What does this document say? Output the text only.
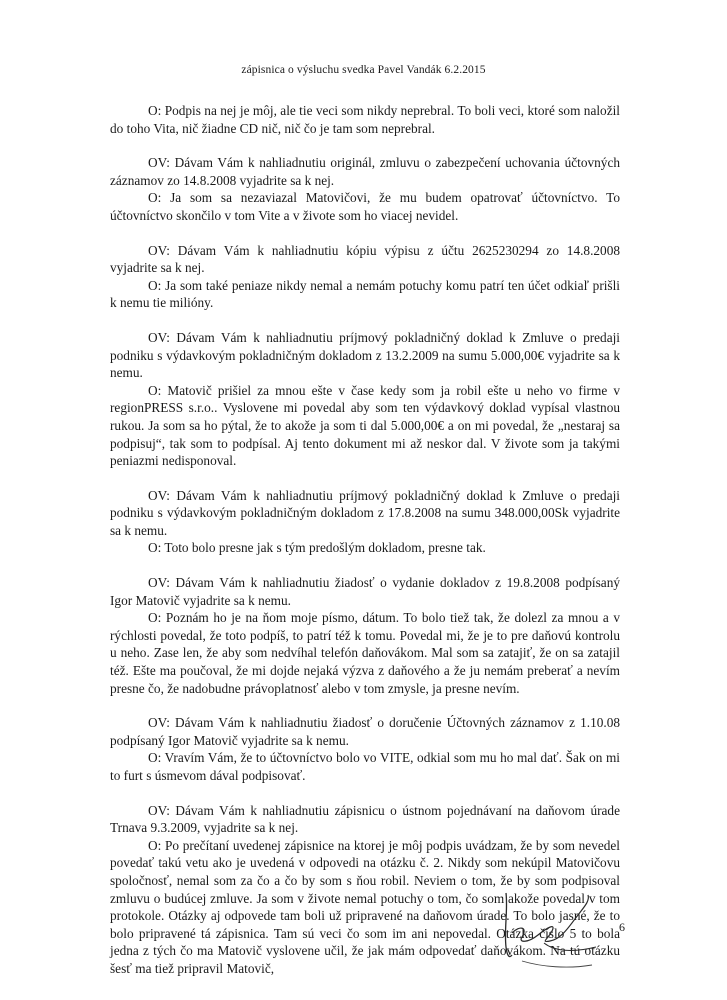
zápisnica o výsluchu svedka Pavel Vandák 6.2.2015

O: Podpis na nej je môj, ale tie veci som nikdy neprebral. To boli veci, ktoré som naložil do toho Vita, nič žiadne CD nič, nič čo je tam som neprebral.

OV: Dávam Vám k nahliadnutiu originál, zmluvu o zabezpečení uchovania účtovných záznamov zo 14.8.2008 vyjadrite sa k nej.

O: Ja som sa nezaviazal Matovičovi, že mu budem opatrovať účtovníctvo. To účtovníctvo skončilo v tom Vite a v živote som ho viacej nevidel.

OV: Dávam Vám k nahliadnutiu kópiu výpisu z účtu 2625230294 zo 14.8.2008 vyjadrite sa k nej.

O: Ja som také peniaze nikdy nemal a nemám potuchy komu patrí ten účet odkiaľ prišli k nemu tie milióny.

OV: Dávam Vám k nahliadnutiu príjmový pokladničný doklad k Zmluve o predaji podniku s výdavkovým pokladničným dokladom z 13.2.2009 na sumu 5.000,00€ vyjadrite sa k nemu.

O: Matovič prišiel za mnou ešte v čase kedy som ja robil ešte u neho vo firme v regionPRESS s.r.o.. Vyslovene mi povedal aby som ten výdavkový doklad vypísal vlastnou rukou. Ja som sa ho pýtal, že to akože ja som ti dal 5.000,00€ a on mi povedal, že „nestaraj sa podpisuj“, tak som to podpísal. Aj tento dokument mi až neskor dal. V živote som ja takými peniazmi nedisponoval.

OV: Dávam Vám k nahliadnutiu príjmový pokladničný doklad k Zmluve o predaji podniku s výdavkovým pokladničným dokladom z 17.8.2008 na sumu 348.000,00Sk vyjadrite sa k nemu.

O: Toto bolo presne jak s tým predošlým dokladom, presne tak.

OV: Dávam Vám k nahliadnutiu žiadosť o vydanie dokladov z 19.8.2008 podpísaný Igor Matovič vyjadrite sa k nemu.

O: Poznám ho je na ňom moje písmo, dátum. To bolo tiež tak, že dolezl za mnou a v rýchlosti povedal, že toto podpíš, to patrí též k tomu. Povedal mi, že je to pre daňovú kontrolu u neho. Zase len, že aby som nedvíhal telefón daňovákom. Mal som sa zatajiť, že on sa zatajil též. Ešte ma poučoval, že mi dojde nejaká výzva z daňového a že ju nemám preberať a nevím presne čo, že nadobudne právoplatnosť alebo v tom zmysle, ja presne nevím.

OV: Dávam Vám k nahliadnutiu žiadosť o doručenie Účtovných záznamov z 1.10.08 podpísaný Igor Matovič vyjadrite sa k nemu.

O: Vravím Vám, že to účtovníctvo bolo vo VITE, odkial som mu ho mal dať. Šak on mi to furt s úsmevom dával podpisovať.

OV: Dávam Vám k nahliadnutiu zápisnicu o ústnom pojednávaní na daňovom úrade Trnava 9.3.2009, vyjadrite sa k nej.

O: Po prečítaní uvedenej zápisnice na ktorej je môj podpis uvádzam, že by som nevedel povedať takú vetu ako je uvedená v odpovedi na otázku č. 2. Nikdy som nekúpil Matovičovu spoločnosť, nemal som za čo a čo by som s ňou robil. Neviem o tom, že by som podpisoval zmluvu o budúcej zmluve. Ja som v živote nemal potuchy o tom, čo som akože povedal v tom protokole. Otázky aj odpovede tam boli už pripravené na daňovom úrade. To bolo jasné, že to bolo pripravené tá zápisnica. Tam sú veci čo som im ani nepovedal. Otázka číslo 5 to bola jedna z tých čo ma Matovič vyslovene učil, že jak mám odpovedať daňovákom. Na tú otázku šesť ma tiež pripravil Matovič,

6
